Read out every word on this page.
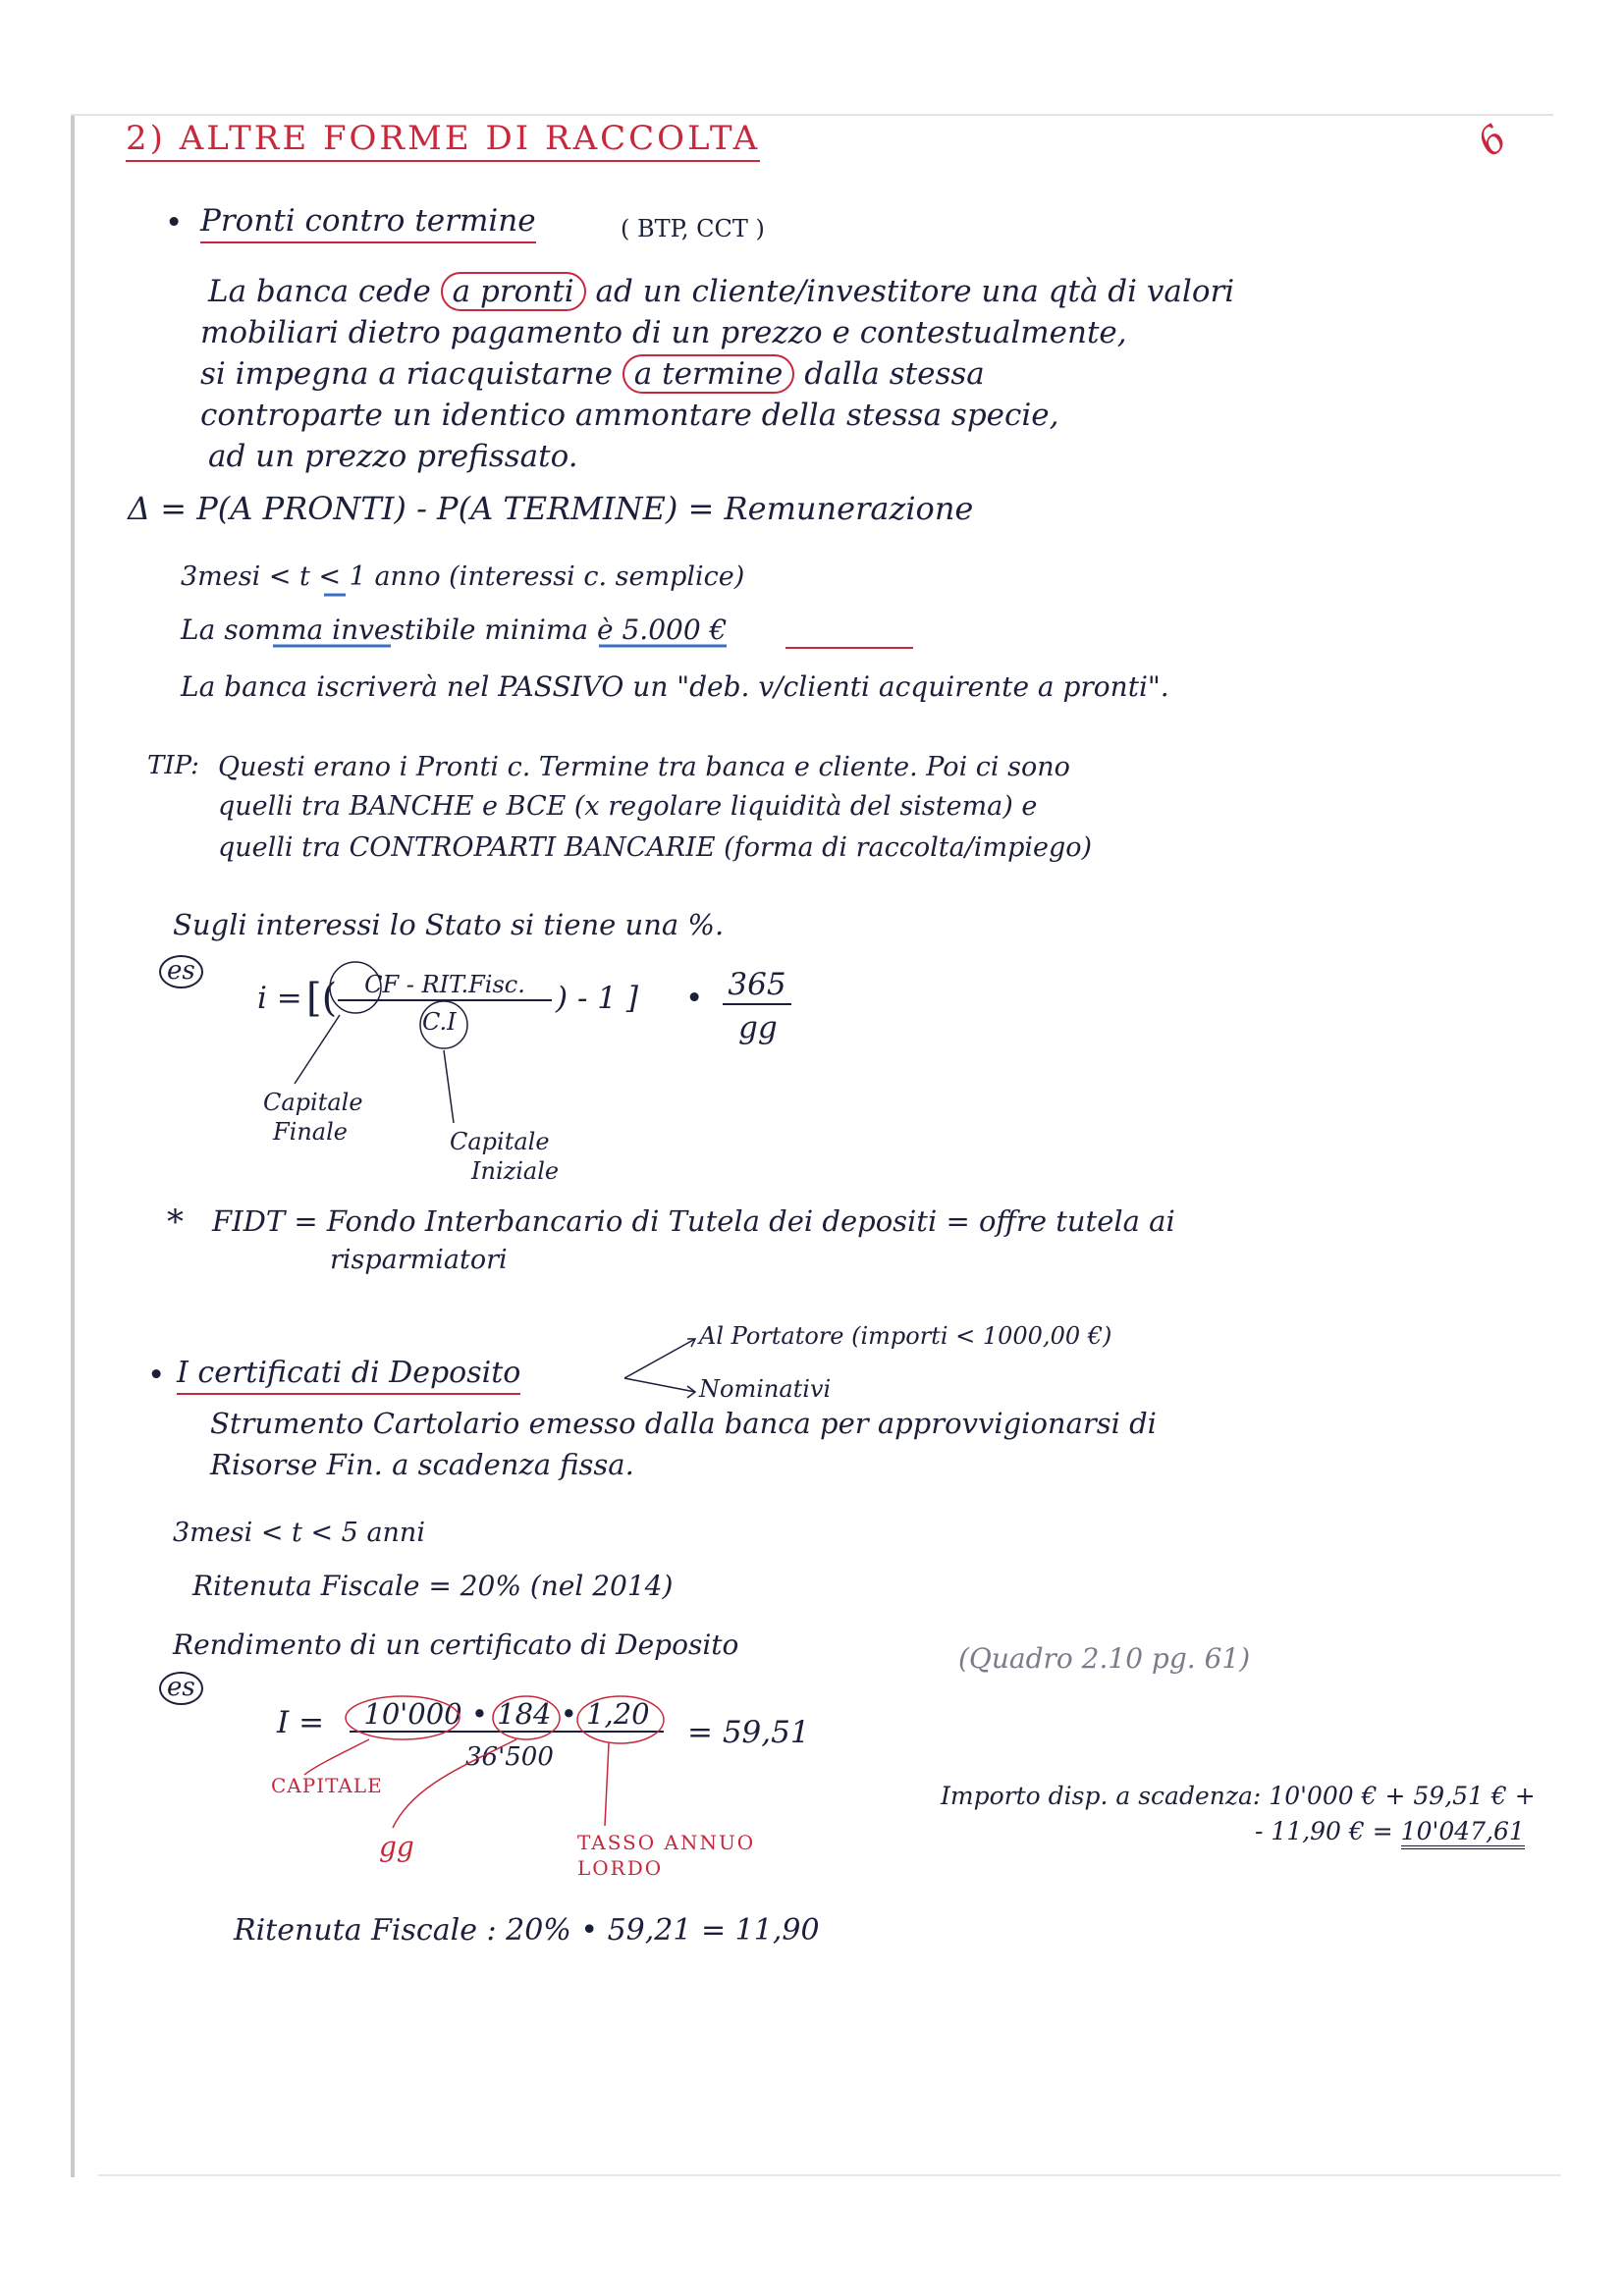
6
2) ALTRE FORME DI RACCOLTA
• Pronti contro termine	( BTP, CCT )
La banca cede a pronti ad un cliente/investitore una qtà di valori
mobiliari dietro pagamento di un prezzo e contestualmente,
si impegna a riacquistarne a termine dalla stessa
controparte un identico ammontare della stessa specie,
ad un prezzo prefissato.
Δ = P(A PRONTI) - P(A TERMINE) = Remunerazione
3mesi < t < 1 anno (interessi c. semplice)
La somma investibile minima è 5.000 €
La banca iscriverà nel PASSIVO un "deb. v/clienti acquirente a pronti".
TIP: Questi erano i Pronti c. Termine tra banca e cliente. Poi ci sono
quelli tra BANCHE e BCE (x regolare liquidità del sistema) e
quelli tra CONTROPARTI BANCARIE (forma di raccolta/impiego)
Sugli interessi lo Stato si tiene una %.
es
i = [(	CF - RIT.Fisc.
C.I
) - 1 ] • 365
gg
Capitale
Finale	Capitale
Iniziale
* FIDT = Fondo Interbancario di Tutela dei depositi = offre tutela ai
risparmiatori
• I certificati di Deposito
Al Portatore (importi < 1000,00 €)
Nominativi
Strumento Cartolario emesso dalla banca per approvvigionarsi di
Risorse Fin. a scadenza fissa.
3mesi < t < 5 anni
Ritenuta Fiscale = 20% (nel 2014)
Rendimento di un certificato di Deposito	(Quadro 2.10 pg. 61)
es
I =	10'000 • 184 • 1,20
36'500
= 59,51
CAPITALE
gg	TASSO ANNUO
LORDO
Importo disp. a scadenza: 10'000 € + 59,51 € +
- 11,90 € = 10'047,61
Ritenuta Fiscale : 20% • 59,21 = 11,90
